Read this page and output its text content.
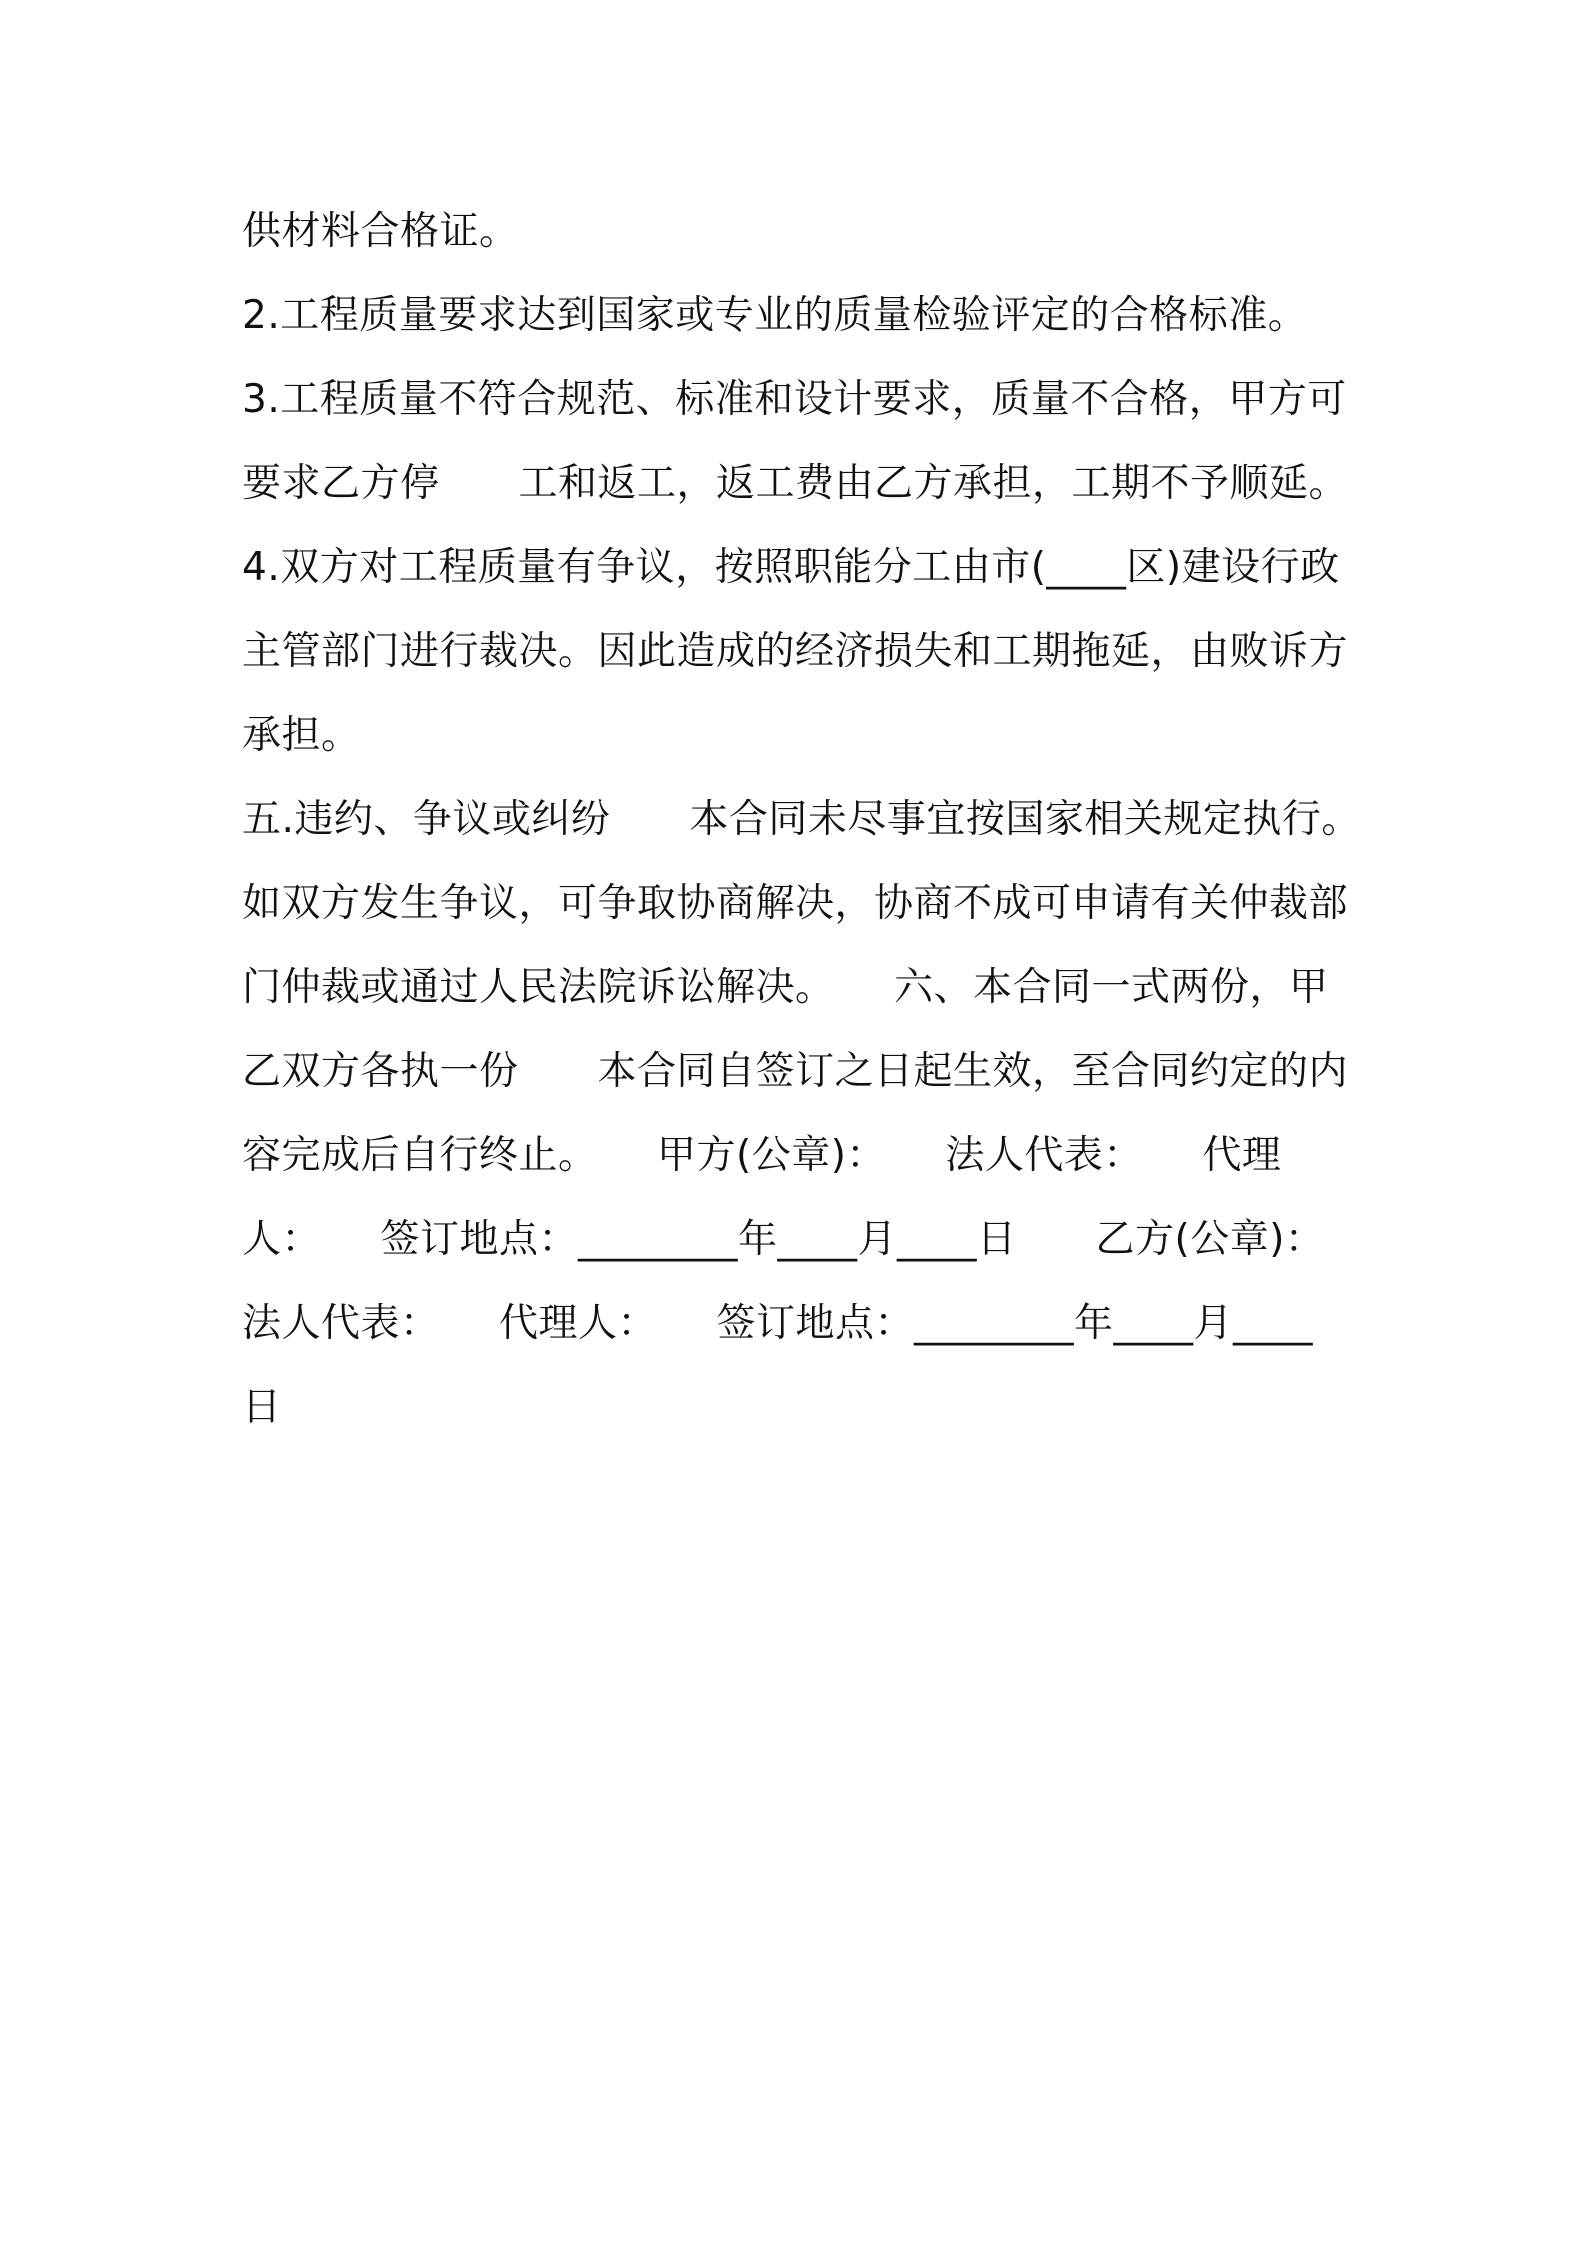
供材料合格证。
2.工程质量要求达到国家或专业的质量检验评定的合格标准。
3.工程质量不符合规范、标准和设计要求，质量不合格，甲方可
要求乙方停　　工和返工，返工费由乙方承担，工期不予顺延。
4.双方对工程质量有争议，按照职能分工由市(____区)建设行政
主管部门进行裁决。因此造成的经济损失和工期拖延，由败诉方
承担。
五.违约、争议或纠纷　　本合同未尽事宜按国家相关规定执行。
如双方发生争议，可争取协商解决，协商不成可申请有关仲裁部
门仲裁或通过人民法院诉讼解决。　　六、本合同一式两份，甲
乙双方各执一份　　本合同自签订之日起生效，至合同约定的内
容完成后自行终止。　　甲方(公章)：　　法人代表：　　代理
人：　　签订地点：________年____月____日　　乙方(公章)：
法人代表：　　代理人：　　签订地点：________年____月____
日
